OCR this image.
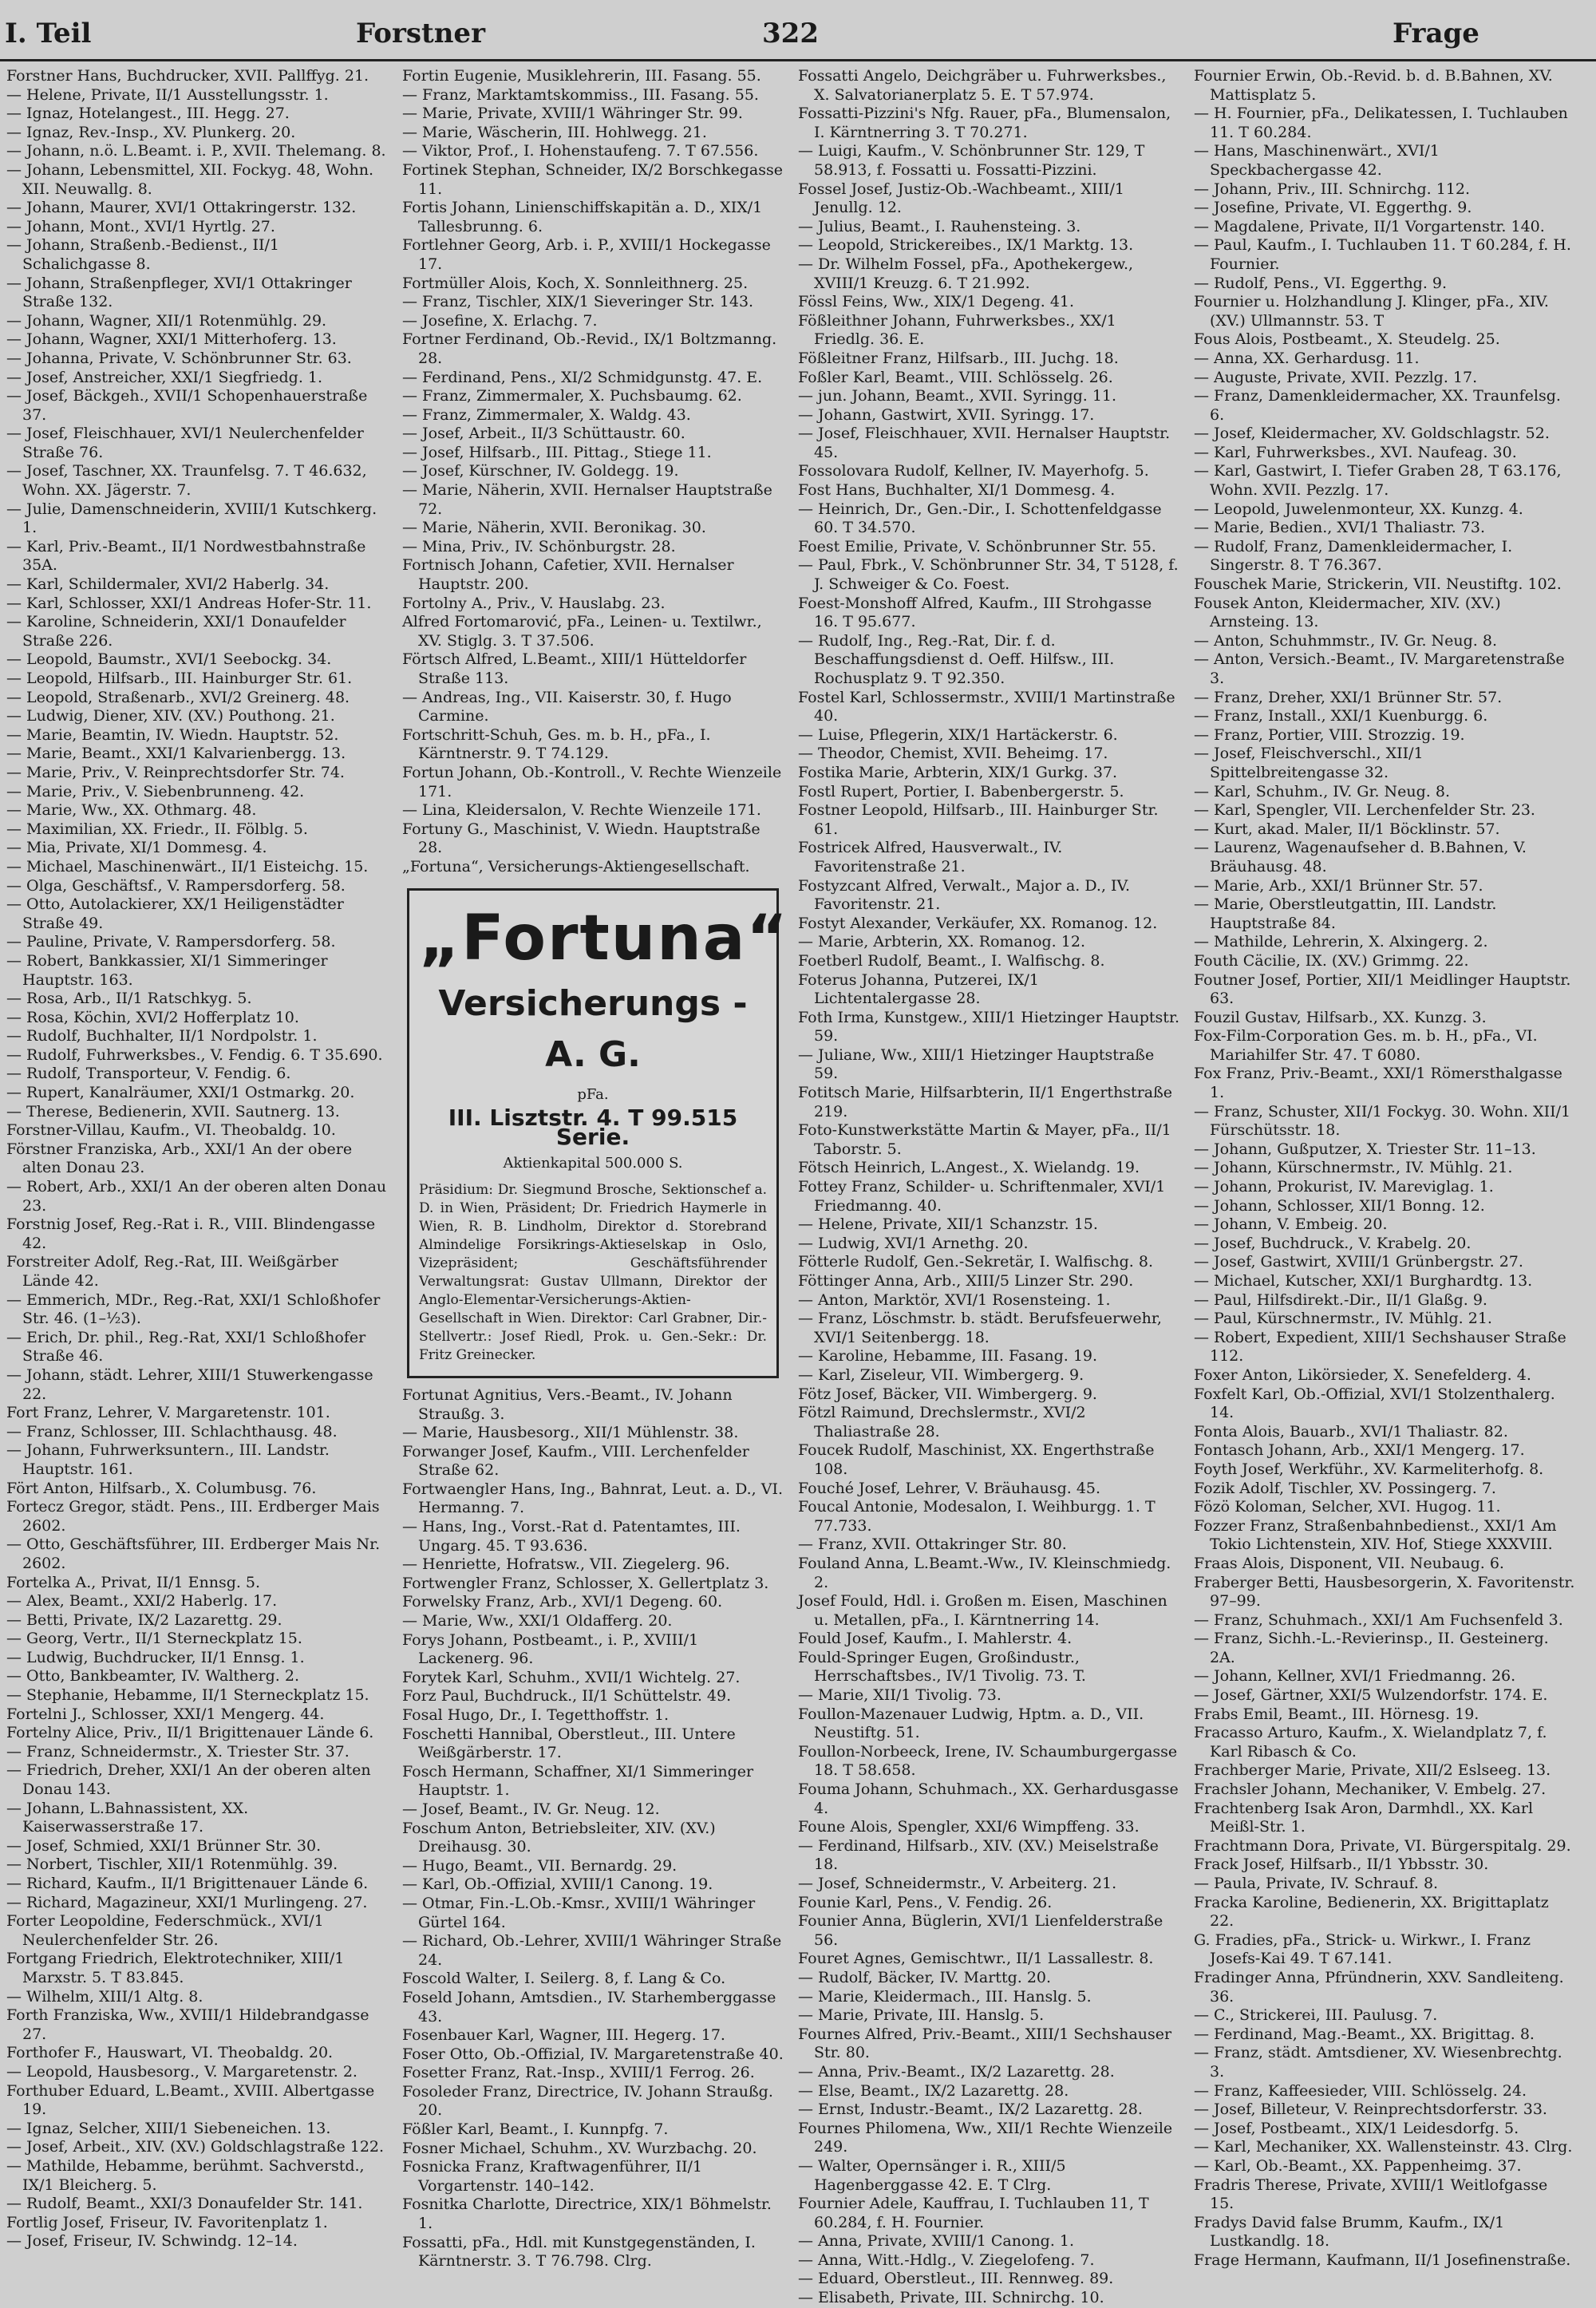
I. Teil	Forstner	322	Frage

Forstner Hans, Buchdrucker, XVII. Pallffyg. 21.

— Helene, Private, II/1 Ausstellungsstr. 1.

— Ignaz, Hotelangest., III. Hegg. 27.

— Ignaz, Rev.-Insp., XV. Plunkerg. 20.

— Johann, n.ö. L.Beamt. i. P., XVII. Thelemang. 8.

— Johann, Lebensmittel, XII. Fockyg. 48, Wohn. XII. Neuwallg. 8.

— Johann, Maurer, XVI/1 Ottakringerstr. 132.

— Johann, Mont., XVI/1 Hyrtlg. 27.

— Johann, Straßenb.-Bedienst., II/1 Schalichgasse 8.

— Johann, Straßenpfleger, XVI/1 Ottakringer Straße 132.

— Johann, Wagner, XII/1 Rotenmühlg. 29.

— Johann, Wagner, XXI/1 Mitterhoferg. 13.

— Johanna, Private, V. Schönbrunner Str. 63.

— Josef, Anstreicher, XXI/1 Siegfriedg. 1.

— Josef, Bäckgeh., XVII/1 Schopenhauerstraße 37.

— Josef, Fleischhauer, XVI/1 Neulerchenfelder Straße 76.

— Josef, Taschner, XX. Traunfelsg. 7. T 46.632, Wohn. XX. Jägerstr. 7.

— Julie, Damenschneiderin, XVIII/1 Kutschkerg. 1.

— Karl, Priv.-Beamt., II/1 Nordwestbahnstraße 35A.

— Karl, Schildermaler, XVI/2 Haberlg. 34.

— Karl, Schlosser, XXI/1 Andreas Hofer-Str. 11.

— Karoline, Schneiderin, XXI/1 Donaufelder Straße 226.

— Leopold, Baumstr., XVI/1 Seebockg. 34.

— Leopold, Hilfsarb., III. Hainburger Str. 61.

— Leopold, Straßenarb., XVI/2 Greinerg. 48.

— Ludwig, Diener, XIV. (XV.) Pouthong. 21.

— Marie, Beamtin, IV. Wiedn. Hauptstr. 52.

— Marie, Beamt., XXI/1 Kalvarienbergg. 13.

— Marie, Priv., V. Reinprechtsdorfer Str. 74.

— Marie, Priv., V. Siebenbrunneng. 42.

— Marie, Ww., XX. Othmarg. 48.

— Maximilian, XX. Friedr., II. Fölblg. 5.

— Mia, Private, XI/1 Dommesg. 4.

— Michael, Maschinenwärt., II/1 Eisteichg. 15.

— Olga, Geschäftsf., V. Rampersdorferg. 58.

— Otto, Autolackierer, XX/1 Heiligenstädter Straße 49.

— Pauline, Private, V. Rampersdorferg. 58.

— Robert, Bankkassier, XI/1 Simmeringer Hauptstr. 163.

— Rosa, Arb., II/1 Ratschkyg. 5.

— Rosa, Köchin, XVI/2 Hofferplatz 10.

— Rudolf, Buchhalter, II/1 Nordpolstr. 1.

— Rudolf, Fuhrwerksbes., V. Fendig. 6. T 35.690.

— Rudolf, Transporteur, V. Fendig. 6.

— Rupert, Kanalräumer, XXI/1 Ostmarkg. 20.

— Therese, Bedienerin, XVII. Sautnerg. 13.

Forstner-Villau, Kaufm., VI. Theobaldg. 10.

Förstner Franziska, Arb., XXI/1 An der obere alten Donau 23.

— Robert, Arb., XXI/1 An der oberen alten Donau 23.

Forstnig Josef, Reg.-Rat i. R., VIII. Blindengasse 42.

Forstreiter Adolf, Reg.-Rat, III. Weißgärber Lände 42.

— Emmerich, MDr., Reg.-Rat, XXI/1 Schloßhofer Str. 46. (1–½3).

— Erich, Dr. phil., Reg.-Rat, XXI/1 Schloßhofer Straße 46.

— Johann, städt. Lehrer, XIII/1 Stuwerkengasse 22.

Fort Franz, Lehrer, V. Margaretenstr. 101.

— Franz, Schlosser, III. Schlachthausg. 48.

— Johann, Fuhrwerksuntern., III. Landstr. Hauptstr. 161.

Fört Anton, Hilfsarb., X. Columbusg. 76.

Fortecz Gregor, städt. Pens., III. Erdberger Mais 2602.

— Otto, Geschäftsführer, III. Erdberger Mais Nr. 2602.

Fortelka A., Privat, II/1 Ennsg. 5.

— Alex, Beamt., XXI/2 Haberlg. 17.

— Betti, Private, IX/2 Lazarettg. 29.

— Georg, Vertr., II/1 Sterneckplatz 15.

— Ludwig, Buchdrucker, II/1 Ennsg. 1.

— Otto, Bankbeamter, IV. Waltherg. 2.

— Stephanie, Hebamme, II/1 Sterneckplatz 15.

Fortelni J., Schlosser, XXI/1 Mengerg. 44.

Fortelny Alice, Priv., II/1 Brigittenauer Lände 6.

— Franz, Schneidermstr., X. Triester Str. 37.

— Friedrich, Dreher, XXI/1 An der oberen alten Donau 143.

— Johann, L.Bahnassistent, XX. Kaiserwasserstraße 17.

— Josef, Schmied, XXI/1 Brünner Str. 30.

— Norbert, Tischler, XII/1 Rotenmühlg. 39.

— Richard, Kaufm., II/1 Brigittenauer Lände 6.

— Richard, Magazineur, XXI/1 Murlingeng. 27.

Forter Leopoldine, Federschmück., XVI/1 Neulerchenfelder Str. 26.

Fortgang Friedrich, Elektrotechniker, XIII/1 Marxstr. 5. T 83.845.

— Wilhelm, XIII/1 Altg. 8.

Forth Franziska, Ww., XVIII/1 Hildebrandgasse 27.

Forthofer F., Hauswart, VI. Theobaldg. 20.

— Leopold, Hausbesorg., V. Margaretenstr. 2.

Forthuber Eduard, L.Beamt., XVIII. Albertgasse 19.

— Ignaz, Selcher, XIII/1 Siebeneichen. 13.

— Josef, Arbeit., XIV. (XV.) Goldschlagstraße 122.

— Mathilde, Hebamme, berühmt. Sachverstd., IX/1 Bleicherg. 5.

— Rudolf, Beamt., XXI/3 Donaufelder Str. 141.

Fortlig Josef, Friseur, IV. Favoritenplatz 1.

— Josef, Friseur, IV. Schwindg. 12–14.

Fortin Eugenie, Musiklehrerin, III. Fasang. 55.

— Franz, Marktamtskommiss., III. Fasang. 55.

— Marie, Private, XVIII/1 Währinger Str. 99.

— Marie, Wäscherin, III. Hohlwegg. 21.

— Viktor, Prof., I. Hohenstaufeng. 7. T 67.556.

Fortinek Stephan, Schneider, IX/2 Borschkegasse 11.

Fortis Johann, Linienschiffskapitän a. D., XIX/1 Tallesbrunng. 6.

Fortlehner Georg, Arb. i. P., XVIII/1 Hockegasse 17.

Fortmüller Alois, Koch, X. Sonnleithnerg. 25.

— Franz, Tischler, XIX/1 Sieveringer Str. 143.

— Josefine, X. Erlachg. 7.

Fortner Ferdinand, Ob.-Revid., IX/1 Boltzmanng. 28.

— Ferdinand, Pens., XI/2 Schmidgunstg. 47. E.

— Franz, Zimmermaler, X. Puchsbaumg. 62.

— Franz, Zimmermaler, X. Waldg. 43.

— Josef, Arbeit., II/3 Schüttaustr. 60.

— Josef, Hilfsarb., III. Pittag., Stiege 11.

— Josef, Kürschner, IV. Goldegg. 19.

— Marie, Näherin, XVII. Hernalser Hauptstraße 72.

— Marie, Näherin, XVII. Beronikag. 30.

— Mina, Priv., IV. Schönburgstr. 28.

Fortnisch Johann, Cafetier, XVII. Hernalser Hauptstr. 200.

Fortolny A., Priv., V. Hauslabg. 23.

Alfred Fortomarović, pFa., Leinen- u. Textilwr., XV. Stiglg. 3. T 37.506.

Förtsch Alfred, L.Beamt., XIII/1 Hütteldorfer Straße 113.

— Andreas, Ing., VII. Kaiserstr. 30, f. Hugo Carmine.

Fortschritt-Schuh, Ges. m. b. H., pFa., I. Kärntnerstr. 9. T 74.129.

Fortun Johann, Ob.-Kontroll., V. Rechte Wienzeile 171.

— Lina, Kleidersalon, V. Rechte Wienzeile 171.

Fortuny G., Maschinist, V. Wiedn. Hauptstraße 28.

„Fortuna“, Versicherungs-Aktiengesellschaft.

„Fortuna“
Versicherungs - A. G.
pFa.
III. Lisztstr. 4. T 99.515 Serie.
Aktienkapital 500.000 S.
Präsidium: Dr. Siegmund Brosche, Sektionschef a. D. in Wien, Präsident; Dr. Friedrich Haymerle in Wien, R. B. Lindholm, Direktor d. Storebrand Almindelige Forsikrings-Aktieselskap in Oslo, Vizepräsident; Geschäftsführender Verwaltungsrat: Gustav Ullmann, Direktor der Anglo-Elementar-Versicherungs-Aktien-Gesellschaft in Wien. Direktor: Carl Grabner, Dir.-Stellvertr.: Josef Riedl, Prok. u. Gen.-Sekr.: Dr. Fritz Greinecker.

Fortunat Agnitius, Vers.-Beamt., IV. Johann Straußg. 3.

— Marie, Hausbesorg., XII/1 Mühlenstr. 38.

Forwanger Josef, Kaufm., VIII. Lerchenfelder Straße 62.

Fortwaengler Hans, Ing., Bahnrat, Leut. a. D., VI. Hermanng. 7.

— Hans, Ing., Vorst.-Rat d. Patentamtes, III. Ungarg. 45. T 93.636.

— Henriette, Hofratsw., VII. Ziegelerg. 96.

Fortwengler Franz, Schlosser, X. Gellertplatz 3.

Forwelsky Franz, Arb., XVI/1 Degeng. 60.

— Marie, Ww., XXI/1 Oldafferg. 20.

Forys Johann, Postbeamt., i. P., XVIII/1 Lackenerg. 96.

Forytek Karl, Schuhm., XVII/1 Wichtelg. 27.

Forz Paul, Buchdruck., II/1 Schüttelstr. 49.

Fosal Hugo, Dr., I. Tegetthoffstr. 1.

Foschetti Hannibal, Oberstleut., III. Untere Weißgärberstr. 17.

Fosch Hermann, Schaffner, XI/1 Simmeringer Hauptstr. 1.

— Josef, Beamt., IV. Gr. Neug. 12.

Foschum Anton, Betriebsleiter, XIV. (XV.) Dreihausg. 30.

— Hugo, Beamt., VII. Bernardg. 29.

— Karl, Ob.-Offizial, XVIII/1 Canong. 19.

— Otmar, Fin.-L.Ob.-Kmsr., XVIII/1 Währinger Gürtel 164.

— Richard, Ob.-Lehrer, XVIII/1 Währinger Straße 24.

Foscold Walter, I. Seilerg. 8, f. Lang & Co.

Foseld Johann, Amtsdien., IV. Starhemberggasse 43.

Fosenbauer Karl, Wagner, III. Hegerg. 17.

Foser Otto, Ob.-Offizial, IV. Margaretenstraße 40.

Fosetter Franz, Rat.-Insp., XVIII/1 Ferrog. 26.

Fosoleder Franz, Directrice, IV. Johann Straußg. 20.

Fößler Karl, Beamt., I. Kunnpfg. 7.

Fosner Michael, Schuhm., XV. Wurzbachg. 20.

Fosnicka Franz, Kraftwagenführer, II/1 Vorgartenstr. 140–142.

Fosnitka Charlotte, Directrice, XIX/1 Böhmelstr. 1.

Fossatti, pFa., Hdl. mit Kunstgegenständen, I. Kärntnerstr. 3. T 76.798. Clrg.

Fossatti Angelo, Deichgräber u. Fuhrwerksbes., X. Salvatorianerplatz 5. E. T 57.974.

Fossatti-Pizzini's Nfg. Rauer, pFa., Blumensalon, I. Kärntnerring 3. T 70.271.

— Luigi, Kaufm., V. Schönbrunner Str. 129, T 58.913, f. Fossatti u. Fossatti-Pizzini.

Fossel Josef, Justiz-Ob.-Wachbeamt., XIII/1 Jenullg. 12.

— Julius, Beamt., I. Rauhensteing. 3.

— Leopold, Strickereibes., IX/1 Marktg. 13.

— Dr. Wilhelm Fossel, pFa., Apothekergew., XVIII/1 Kreuzg. 6. T 21.992.

Fössl Feins, Ww., XIX/1 Degeng. 41.

Fößleithner Johann, Fuhrwerksbes., XX/1 Friedlg. 36. E.

Fößleitner Franz, Hilfsarb., III. Juchg. 18.

Foßler Karl, Beamt., VIII. Schlösselg. 26.

— jun. Johann, Beamt., XVII. Syringg. 11.

— Johann, Gastwirt, XVII. Syringg. 17.

— Josef, Fleischhauer, XVII. Hernalser Hauptstr. 45.

Fossolovara Rudolf, Kellner, IV. Mayerhofg. 5.

Fost Hans, Buchhalter, XI/1 Dommesg. 4.

— Heinrich, Dr., Gen.-Dir., I. Schottenfeldgasse 60. T 34.570.

Foest Emilie, Private, V. Schönbrunner Str. 55.

— Paul, Fbrk., V. Schönbrunner Str. 34, T 5128, f. J. Schweiger & Co. Foest.

Foest-Monshoff Alfred, Kaufm., III Strohgasse 16. T 95.677.

— Rudolf, Ing., Reg.-Rat, Dir. f. d. Beschaffungsdienst d. Oeff. Hilfsw., III. Rochusplatz 9. T 92.350.

Fostel Karl, Schlossermstr., XVIII/1 Martinstraße 40.

— Luise, Pflegerin, XIX/1 Hartäckerstr. 6.

— Theodor, Chemist, XVII. Beheimg. 17.

Fostika Marie, Arbterin, XIX/1 Gurkg. 37.

Fostl Rupert, Portier, I. Babenbergerstr. 5.

Fostner Leopold, Hilfsarb., III. Hainburger Str. 61.

Fostricek Alfred, Hausverwalt., IV. Favoritenstraße 21.

Fostyzcant Alfred, Verwalt., Major a. D., IV. Favoritenstr. 21.

Fostyt Alexander, Verkäufer, XX. Romanog. 12.

— Marie, Arbterin, XX. Romanog. 12.

Foetberl Rudolf, Beamt., I. Walfischg. 8.

Foterus Johanna, Putzerei, IX/1 Lichtentalergasse 28.

Foth Irma, Kunstgew., XIII/1 Hietzinger Hauptstr. 59.

— Juliane, Ww., XIII/1 Hietzinger Hauptstraße 59.

Fotitsch Marie, Hilfsarbterin, II/1 Engerthstraße 219.

Foto-Kunstwerkstätte Martin & Mayer, pFa., II/1 Taborstr. 5.

Fötsch Heinrich, L.Angest., X. Wielandg. 19.

Fottey Franz, Schilder- u. Schriftenmaler, XVI/1 Friedmanng. 40.

— Helene, Private, XII/1 Schanzstr. 15.

— Ludwig, XVI/1 Arnethg. 20.

Fötterle Rudolf, Gen.-Sekretär, I. Walfischg. 8.

Föttinger Anna, Arb., XIII/5 Linzer Str. 290.

— Anton, Marktör, XVI/1 Rosensteing. 1.

— Franz, Löschmstr. b. städt. Berufsfeuerwehr, XVI/1 Seitenbergg. 18.

— Karoline, Hebamme, III. Fasang. 19.

— Karl, Ziseleur, VII. Wimbergerg. 9.

Fötz Josef, Bäcker, VII. Wimbergerg. 9.

Fötzl Raimund, Drechslermstr., XVI/2 Thaliastraße 28.

Foucek Rudolf, Maschinist, XX. Engerthstraße 108.

Fouché Josef, Lehrer, V. Bräuhausg. 45.

Foucal Antonie, Modesalon, I. Weihburgg. 1. T 77.733.

— Franz, XVII. Ottakringer Str. 80.

Fouland Anna, L.Beamt.-Ww., IV. Kleinschmiedg. 2.

Josef Fould, Hdl. i. Großen m. Eisen, Maschinen u. Metallen, pFa., I. Kärntnerring 14.

Fould Josef, Kaufm., I. Mahlerstr. 4.

Fould-Springer Eugen, Großindustr., Herrschaftsbes., IV/1 Tivolig. 73. T.

— Marie, XII/1 Tivolig. 73.

Foullon-Mazenauer Ludwig, Hptm. a. D., VII. Neustiftg. 51.

Foullon-Norbeeck, Irene, IV. Schaumburgergasse 18. T 58.658.

Fouma Johann, Schuhmach., XX. Gerhardusgasse 4.

Foune Alois, Spengler, XXI/6 Wimpffeng. 33.

— Ferdinand, Hilfsarb., XIV. (XV.) Meiselstraße 18.

— Josef, Schneidermstr., V. Arbeiterg. 21.

Founie Karl, Pens., V. Fendig. 26.

Founier Anna, Büglerin, XVI/1 Lienfelderstraße 56.

Fouret Agnes, Gemischtwr., II/1 Lassallestr. 8.

— Rudolf, Bäcker, IV. Marttg. 20.

— Marie, Kleidermach., III. Hanslg. 5.

— Marie, Private, III. Hanslg. 5.

Fournes Alfred, Priv.-Beamt., XIII/1 Sechshauser Str. 80.

— Anna, Priv.-Beamt., IX/2 Lazarettg. 28.

— Else, Beamt., IX/2 Lazarettg. 28.

— Ernst, Industr.-Beamt., IX/2 Lazarettg. 28.

Fournes Philomena, Ww., XII/1 Rechte Wienzeile 249.

— Walter, Opernsänger i. R., XIII/5 Hagenberggasse 42. E. T Clrg.

Fournier Adele, Kauffrau, I. Tuchlauben 11, T 60.284, f. H. Fournier.

— Anna, Private, XVIII/1 Canong. 1.

— Anna, Witt.-Hdlg., V. Ziegelofeng. 7.

— Eduard, Oberstleut., III. Rennweg. 89.

— Elisabeth, Private, III. Schnirchg. 10.

Fournier Erwin, Ob.-Revid. b. d. B.Bahnen, XV. Mattisplatz 5.

— H. Fournier, pFa., Delikatessen, I. Tuchlauben 11. T 60.284.

— Hans, Maschinenwärt., XVI/1 Speckbachergasse 42.

— Johann, Priv., III. Schnirchg. 112.

— Josefine, Private, VI. Eggerthg. 9.

— Magdalene, Private, II/1 Vorgartenstr. 140.

— Paul, Kaufm., I. Tuchlauben 11. T 60.284, f. H. Fournier.

— Rudolf, Pens., VI. Eggerthg. 9.

Fournier u. Holzhandlung J. Klinger, pFa., XIV. (XV.) Ullmannstr. 53. T

Fous Alois, Postbeamt., X. Steudelg. 25.

— Anna, XX. Gerhardusg. 11.

— Auguste, Private, XVII. Pezzlg. 17.

— Franz, Damenkleidermacher, XX. Traunfelsg. 6.

— Josef, Kleidermacher, XV. Goldschlagstr. 52.

— Karl, Fuhrwerksbes., XVI. Naufeag. 30.

— Karl, Gastwirt, I. Tiefer Graben 28, T 63.176, Wohn. XVII. Pezzlg. 17.

— Leopold, Juwelenmonteur, XX. Kunzg. 4.

— Marie, Bedien., XVI/1 Thaliastr. 73.

— Rudolf, Franz, Damenkleidermacher, I. Singerstr. 8. T 76.367.

Fouschek Marie, Strickerin, VII. Neustiftg. 102.

Fousek Anton, Kleidermacher, XIV. (XV.) Arnsteing. 13.

— Anton, Schuhmmstr., IV. Gr. Neug. 8.

— Anton, Versich.-Beamt., IV. Margaretenstraße 3.

— Franz, Dreher, XXI/1 Brünner Str. 57.

— Franz, Install., XXI/1 Kuenburgg. 6.

— Franz, Portier, VIII. Strozzig. 19.

— Josef, Fleischverschl., XII/1 Spittelbreitengasse 32.

— Karl, Schuhm., IV. Gr. Neug. 8.

— Karl, Spengler, VII. Lerchenfelder Str. 23.

— Kurt, akad. Maler, II/1 Böcklinstr. 57.

— Laurenz, Wagenaufseher d. B.Bahnen, V. Bräuhausg. 48.

— Marie, Arb., XXI/1 Brünner Str. 57.

— Marie, Oberstleutgattin, III. Landstr. Hauptstraße 84.

— Mathilde, Lehrerin, X. Alxingerg. 2.

Fouth Cäcilie, IX. (XV.) Grimmg. 22.

Foutner Josef, Portier, XII/1 Meidlinger Hauptstr. 63.

Fouzil Gustav, Hilfsarb., XX. Kunzg. 3.

Fox-Film-Corporation Ges. m. b. H., pFa., VI. Mariahilfer Str. 47. T 6080.

Fox Franz, Priv.-Beamt., XXI/1 Römersthalgasse 1.

— Franz, Schuster, XII/1 Fockyg. 30. Wohn. XII/1 Fürschütsstr. 18.

— Johann, Gußputzer, X. Triester Str. 11–13.

— Johann, Kürschnermstr., IV. Mühlg. 21.

— Johann, Prokurist, IV. Mareviglag. 1.

— Johann, Schlosser, XII/1 Bonng. 12.

— Johann, V. Embeig. 20.

— Josef, Buchdruck., V. Krabelg. 20.

— Josef, Gastwirt, XVIII/1 Grünbergstr. 27.

— Michael, Kutscher, XXI/1 Burghardtg. 13.

— Paul, Hilfsdirekt.-Dir., II/1 Glaßg. 9.

— Paul, Kürschnermstr., IV. Mühlg. 21.

— Robert, Expedient, XIII/1 Sechshauser Straße 112.

Foxer Anton, Likörsieder, X. Senefelderg. 4.

Foxfelt Karl, Ob.-Offizial, XVI/1 Stolzenthalerg. 14.

Fonta Alois, Bauarb., XVI/1 Thaliastr. 82.

Fontasch Johann, Arb., XXI/1 Mengerg. 17.

Foyth Josef, Werkführ., XV. Karmeliterhofg. 8.

Fozik Adolf, Tischler, XV. Possingerg. 7.

Fözö Koloman, Selcher, XVI. Hugog. 11.

Fozzer Franz, Straßenbahnbedienst., XXI/1 Am Tokio Lichtenstein, XIV. Hof, Stiege XXXVIII.

Fraas Alois, Disponent, VII. Neubaug. 6.

Fraberger Betti, Hausbesorgerin, X. Favoritenstr. 97–99.

— Franz, Schuhmach., XXI/1 Am Fuchsenfeld 3.

— Franz, Sichh.-L.-Revierinsp., II. Gesteinerg. 2A.

— Johann, Kellner, XVI/1 Friedmanng. 26.

— Josef, Gärtner, XXI/5 Wulzendorfstr. 174. E.

Frabs Emil, Beamt., III. Hörnesg. 19.

Fracasso Arturo, Kaufm., X. Wielandplatz 7, f. Karl Ribasch & Co.

Frachberger Marie, Private, XII/2 Eslseeg. 13.

Frachsler Johann, Mechaniker, V. Embelg. 27.

Frachtenberg Isak Aron, Darmhdl., XX. Karl Meißl-Str. 1.

Frachtmann Dora, Private, VI. Bürgerspitalg. 29.

Frack Josef, Hilfsarb., II/1 Ybbsstr. 30.

— Paula, Private, IV. Schrauf. 8.

Fracka Karoline, Bedienerin, XX. Brigittaplatz 22.

G. Fradies, pFa., Strick- u. Wirkwr., I. Franz Josefs-Kai 49. T 67.141.

Fradinger Anna, Pfründnerin, XXV. Sandleiteng. 36.

— C., Strickerei, III. Paulusg. 7.

— Ferdinand, Mag.-Beamt., XX. Brigittag. 8.

— Franz, städt. Amtsdiener, XV. Wiesenbrechtg. 3.

— Franz, Kaffeesieder, VIII. Schlösselg. 24.

— Josef, Billeteur, V. Reinprechtsdorferstr. 33.

— Josef, Postbeamt., XIX/1 Leidesdorfg. 5.

— Karl, Mechaniker, XX. Wallensteinstr. 43. Clrg.

— Karl, Ob.-Beamt., XX. Pappenheimg. 37.

Fradris Therese, Private, XVIII/1 Weitlofgasse 15.

Fradys David false Brumm, Kaufm., IX/1 Lustkandlg. 18.

Frage Hermann, Kaufmann, II/1 Josefinenstraße.
